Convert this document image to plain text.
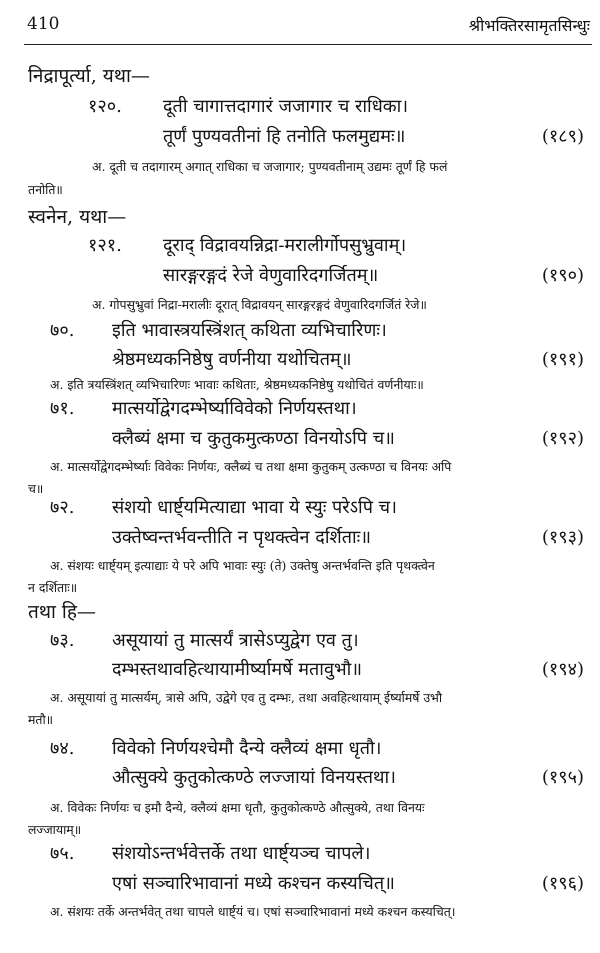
410	श्रीभक्तिरसामृतसिन्धुः
निद्रापूर्त्या, यथा—
१२०. दूती चागात्तदागारं जजागार च राधिका।
तूर्णं पुण्यवतीनां हि तनोति फलमुद्यमः॥	(१८९)
अ. दूती च तदागारम् अगात् राधिका च जजागार; पुण्यवतीनाम् उद्यमः तूर्णं हि फलं
तनोति॥
स्वनेन, यथा—
१२१. दूराद् विद्रावयन्निद्रा-मरालीर्गोपसुभ्रुवाम्।
सारङ्गरङ्गदं रेजे वेणुवारिदगर्जितम्॥	(१९०)
अ. गोपसुभ्रुवां निद्रा-मरालीः दूरात् विद्रावयन् सारङ्गरङ्गदं वेणुवारिदगर्जितं रेजे॥
७०. इति भावास्त्रयस्त्रिंशत् कथिता व्यभिचारिणः।
श्रेष्ठमध्यकनिष्ठेषु वर्णनीया यथोचितम्॥	(१९१)
अ. इति त्रयस्त्रिंशत् व्यभिचारिणः भावाः कथिताः, श्रेष्ठमध्यकनिष्ठेषु यथोचितं वर्णनीयाः॥
७१. मात्सर्योद्वेगदम्भेर्ष्याविवेको निर्णयस्तथा।
क्लैब्यं क्षमा च कुतुकमुत्कण्ठा विनयोऽपि च॥	(१९२)
अ. मात्सर्योद्वेगदम्भेर्ष्याः विवेकः निर्णयः, क्लैब्यं च तथा क्षमा कुतुकम् उत्कण्ठा च विनयः अपि
च॥
७२. संशयो धार्ष्ट्यमित्याद्या भावा ये स्युः परेऽपि च।
उक्तेष्वन्तर्भवन्तीति न पृथक्त्वेन दर्शिताः॥	(१९३)
अ. संशयः धार्ष्ट्यम् इत्याद्याः ये परे अपि भावाः स्युः (ते) उक्तेषु अन्तर्भवन्ति इति पृथक्त्वेन
न दर्शिताः॥
तथा हि—
७३. असूयायां तु मात्सर्यं त्रासेऽप्युद्वेग एव तु।
दम्भस्तथावहित्थायामीर्ष्यामर्षे मतावुभौ॥	(१९४)
अ. असूयायां तु मात्सर्यम्, त्रासे अपि, उद्वेगे एव तु दम्भः, तथा अवहित्थायाम् ईर्ष्यामर्षे उभौ
मतौ॥
७४. विवेको निर्णयश्चेमौ दैन्ये क्लैव्यं क्षमा धृतौ।
औत्सुक्ये कुतुकोत्कण्ठे लज्जायां विनयस्तथा।	(१९५)
अ. विवेकः निर्णयः च इमौ दैन्ये, क्लैव्यं क्षमा धृतौ, कुतुकोत्कण्ठे औत्सुक्ये, तथा विनयः
लज्जायाम्॥
७५. संशयोऽन्तर्भवेत्तर्के तथा धार्ष्ट्यञ्च चापले।
एषां सञ्चारिभावानां मध्ये कश्चन कस्यचित्॥	(१९६)
अ. संशयः तर्के अन्तर्भवेत् तथा चापले धार्ष्ट्यं च। एषां सञ्चारिभावानां मध्ये कश्चन कस्यचित्।
